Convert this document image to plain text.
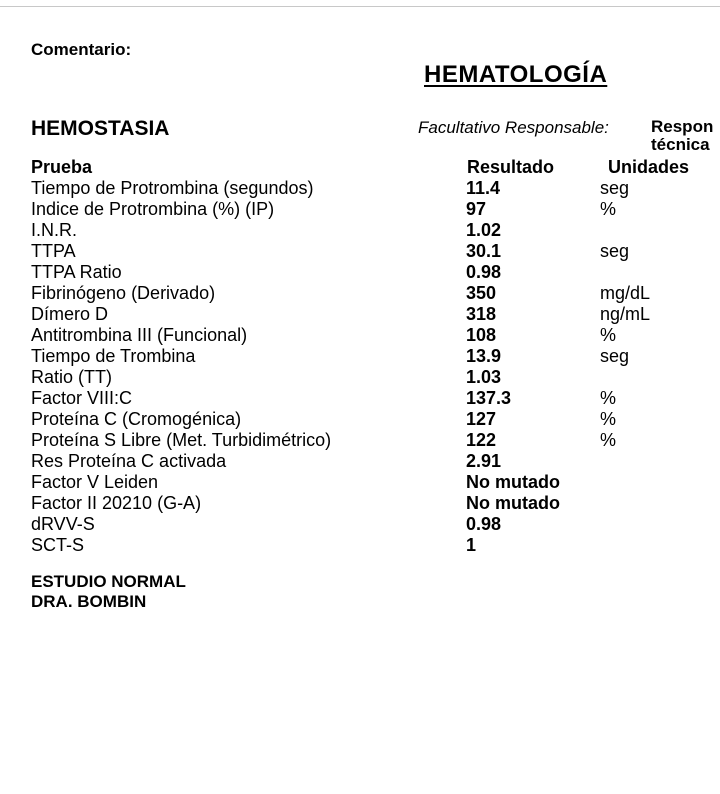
Comentario:
HEMATOLOGÍA
HEMOSTASIA	Facultativo Responsable: Respon
técnica
Prueba	Resultado	Unidades
Tiempo de Protrombina (segundos)	11.4	seg
Indice de Protrombina (%) (IP)	97	%
I.N.R.	1.02
TTPA	30.1	seg
TTPA Ratio	0.98
Fibrinógeno (Derivado)	350	mg/dL
Dímero D	318	ng/mL
Antitrombina III (Funcional)	108	%
Tiempo de Trombina	13.9	seg
Ratio (TT)	1.03
Factor VIII:C	137.3	%
Proteína C (Cromogénica)	127	%
Proteína S Libre (Met. Turbidimétrico)	122	%
Res Proteína C activada	2.91
Factor V Leiden	No mutado
Factor II 20210 (G-A)	No mutado
dRVV-S	0.98
SCT-S	1
ESTUDIO NORMAL
DRA. BOMBIN
